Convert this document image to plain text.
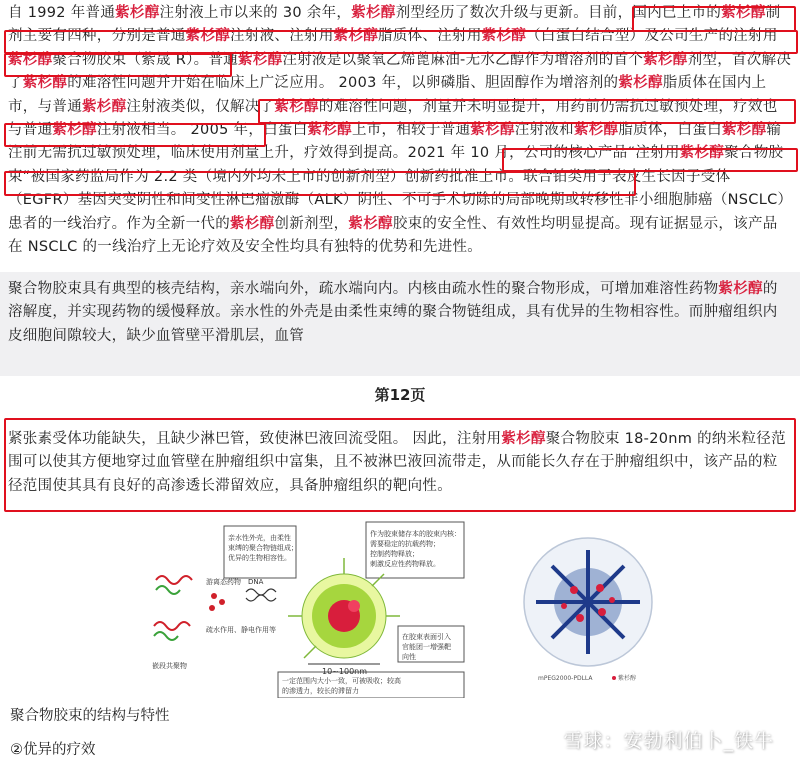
自 1992 年普通紫杉醇注射液上市以来的 30 余年，紫杉醇剂型经历了数次升级与更新。目前，国内已上市的紫杉醇制剂主要有四种，分别是普通紫杉醇注射液、注射用紫杉醇脂质体、注射用紫杉醇（白蛋白结合型）及公司生产的注射用紫杉醇聚合物胶束（紫晟 R）。普通紫杉醇注射液是以聚氧乙烯蓖麻油-无水乙醇作为增溶剂的首个紫杉醇剂型，首次解决了紫杉醇的难溶性问题并开始在临床上广泛应用。 2003 年，以卵磷脂、胆固醇作为增溶剂的紫杉醇脂质体在国内上市，与普通紫杉醇注射液类似，仅解决了紫杉醇的难溶性问题，剂量并未明显提升，用药前仍需抗过敏预处理，疗效也与普通紫杉醇注射液相当。 2005 年，白蛋白紫杉醇上市，相较于普通紫杉醇注射液和紫杉醇脂质体，白蛋白紫杉醇输注前无需抗过敏预处理，临床使用剂量上升，疗效得到提高。2021 年 10 月，公司的核心产品“注射用紫杉醇聚合物胶束”被国家药监局作为 2.2 类（境内外均未上市的创新剂型）创新药批准上市。联合铂类用于表皮生长因子受体（EGFR）基因突变阴性和间变性淋巴瘤激酶（ALK）阴性、不可手术切除的局部晚期或转移性非小细胞肺癌（NSCLC）患者的一线治疗。作为全新一代的紫杉醇创新剂型，紫杉醇胶束的安全性、有效性均明显提高。现有证据显示，该产品在 NSCLC 的一线治疗上无论疗效及安全性均具有独特的优势和先进性。

聚合物胶束具有典型的核壳结构，亲水端向外，疏水端向内。内核由疏水性的聚合物形成，可增加难溶性药物紫杉醇的溶解度，并实现药物的缓慢释放。亲水性的外壳是由柔性束缚的聚合物链组成，具有优异的生物相容性。而肿瘤组织内皮细胞间隙较大，缺少血管壁平滑肌层，血管

第12页

紧张素受体功能缺失，且缺少淋巴管，致使淋巴液回流受阻。 因此，注射用紫杉醇聚合物胶束 18-20nm 的纳米粒径范围可以使其方便地穿过血管壁在肿瘤组织中富集，且不被淋巴液回流带走，从而能长久存在于肿瘤组织中，该产品的粒径范围使其具有良好的高渗透长滞留效应，具备肿瘤组织的靶向性。

亲水性外壳，由柔性
束缚的聚合物链组成；
优异的生物相容性。
作为胶束储存本的胶束内核：
需要稳定的抗载药物；
控制药物释放；
刺激反应性药物释放。
在胶束表面引入
官能团一增强靶
向性
一定范围内大小一致，可被吸收；较高
的渗透力，较长的滞留力
嵌段共聚物
游离态药物 DNA
疏水作用、静电作用等
10~100nm
mPEG2000-PDLLA	紫杉醇
聚合物胶束的结构与特性
②优异的疗效	雪球：安勃利伯卜_铁牛
